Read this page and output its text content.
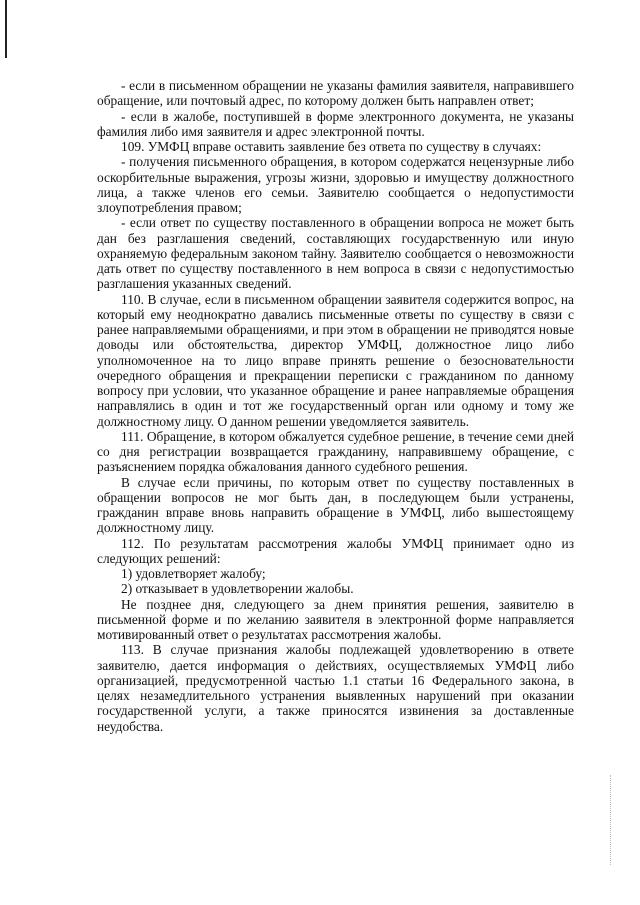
- если в письменном обращении не указаны фамилия заявителя, направившего обращение, или почтовый адрес, по которому должен быть направлен ответ;

- если в жалобе, поступившей в форме электронного документа, не указаны фамилия либо имя заявителя и адрес электронной почты.

109. УМФЦ вправе оставить заявление без ответа по существу в случаях:

- получения письменного обращения, в котором содержатся нецензурные либо оскорбительные выражения, угрозы жизни, здоровью и имуществу должностного лица, а также членов его семьи. Заявителю сообщается о недопустимости злоупотребления правом;

- если ответ по существу поставленного в обращении вопроса не может быть дан без разглашения сведений, составляющих государственную или иную охраняемую федеральным законом тайну. Заявителю сообщается о невозможности дать ответ по существу поставленного в нем вопроса в связи с недопустимостью разглашения указанных сведений.

110. В случае, если в письменном обращении заявителя содержится вопрос, на который ему неоднократно давались письменные ответы по существу в связи с ранее направляемыми обращениями, и при этом в обращении не приводятся новые доводы или обстоятельства, директор УМФЦ, должностное лицо либо уполномоченное на то лицо вправе принять решение о безосновательности очередного обращения и прекращении переписки с гражданином по данному вопросу при условии, что указанное обращение и ранее направляемые обращения направлялись в один и тот же государственный орган или одному и тому же должностному лицу. О данном решении уведомляется заявитель.

111. Обращение, в котором обжалуется судебное решение, в течение семи дней со дня регистрации возвращается гражданину, направившему обращение, с разъяснением порядка обжалования данного судебного решения.

В случае если причины, по которым ответ по существу поставленных в обращении вопросов не мог быть дан, в последующем были устранены, гражданин вправе вновь направить обращение в УМФЦ, либо вышестоящему должностному лицу.

112. По результатам рассмотрения жалобы УМФЦ принимает одно из следующих решений:

1) удовлетворяет жалобу;

2) отказывает в удовлетворении жалобы.

Не позднее дня, следующего за днем принятия решения, заявителю в письменной форме и по желанию заявителя в электронной форме направляется мотивированный ответ о результатах рассмотрения жалобы.

113. В случае признания жалобы подлежащей удовлетворению в ответе заявителю, дается информация о действиях, осуществляемых УМФЦ либо организацией, предусмотренной частью 1.1 статьи 16 Федерального закона, в целях незамедлительного устранения выявленных нарушений при оказании государственной услуги, а также приносятся извинения за доставленные неудобства.
